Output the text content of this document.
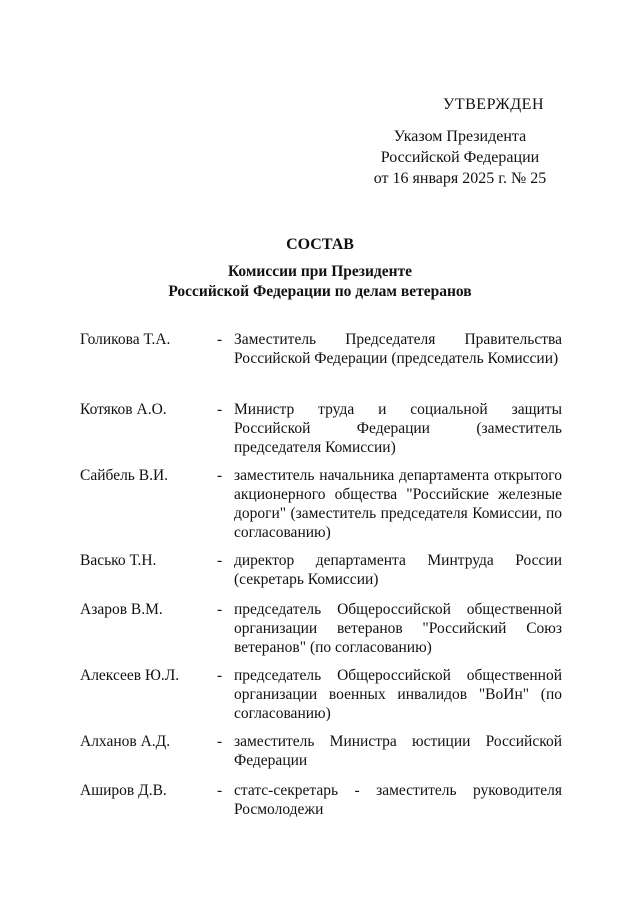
УТВЕРЖДЕН
Указом Президента
Российской Федерации
от 16 января 2025 г. № 25
СОСТАВ
Комиссии при Президенте
Российской Федерации по делам ветеранов
Голикова Т.А.	- Заместитель Председателя Правительства Российской Федерации (председатель Комиссии)
Котяков А.О.	- Министр труда и социальной защиты Российской Федерации (заместитель председателя Комиссии)
Сайбель В.И.	- заместитель начальника департамента открытого акционерного общества "Российские железные дороги" (заместитель председателя Комиссии, по согласованию)
Васько Т.Н.	- директор департамента Минтруда России (секретарь Комиссии)
Азаров В.М.	- председатель Общероссийской общественной организации ветеранов "Российский Союз ветеранов" (по согласованию)
Алексеев Ю.Л.	- председатель Общероссийской общественной организации военных инвалидов "ВоИн" (по согласованию)
Алханов А.Д.	- заместитель Министра юстиции Российской Федерации
Аширов Д.В.	- статс-секретарь - заместитель руководителя Росмолодежи
